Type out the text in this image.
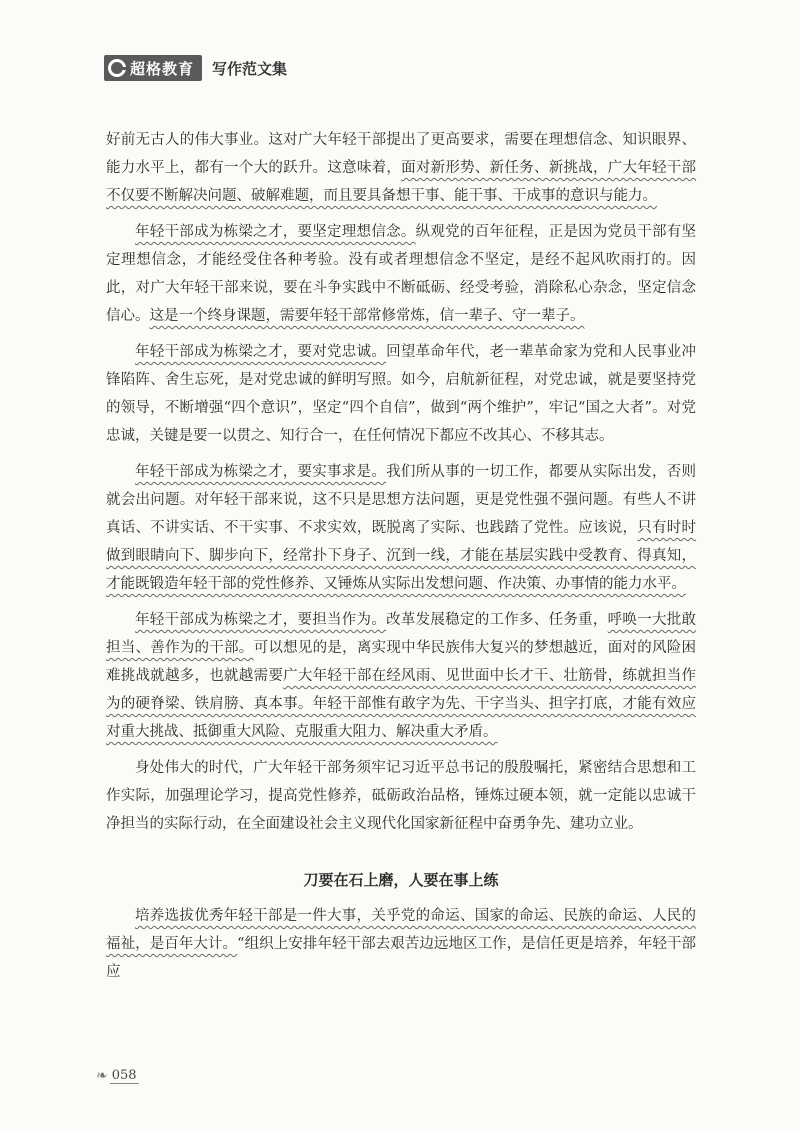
超格教育 写作范文集

好前无古人的伟大事业。这对广大年轻干部提出了更高要求，需要在理想信念、知识眼界、能力水平上，都有一个大的跃升。这意味着，面对新形势、新任务、新挑战，广大年轻干部不仅要不断解决问题、破解难题，而且要具备想干事、能干事、干成事的意识与能力。

年轻干部成为栋梁之才，要坚定理想信念。纵观党的百年征程，正是因为党员干部有坚定理想信念，才能经受住各种考验。没有或者理想信念不坚定，是经不起风吹雨打的。因此，对广大年轻干部来说，要在斗争实践中不断砥砺、经受考验，消除私心杂念，坚定信念信心。这是一个终身课题，需要年轻干部常修常炼，信一辈子、守一辈子。

年轻干部成为栋梁之才，要对党忠诚。回望革命年代，老一辈革命家为党和人民事业冲锋陷阵、舍生忘死，是对党忠诚的鲜明写照。如今，启航新征程，对党忠诚，就是要坚持党的领导，不断增强“四个意识”，坚定“四个自信”，做到“两个维护”，牢记“国之大者”。对党忠诚，关键是要一以贯之、知行合一，在任何情况下都应不改其心、不移其志。

年轻干部成为栋梁之才，要实事求是。我们所从事的一切工作，都要从实际出发，否则就会出问题。对年轻干部来说，这不只是思想方法问题，更是党性强不强问题。有些人不讲真话、不讲实话、不干实事、不求实效，既脱离了实际、也践踏了党性。应该说，只有时时做到眼睛向下、脚步向下，经常扑下身子、沉到一线，才能在基层实践中受教育、得真知，才能既锻造年轻干部的党性修养、又锤炼从实际出发想问题、作决策、办事情的能力水平。

年轻干部成为栋梁之才，要担当作为。改革发展稳定的工作多、任务重，呼唤一大批敢担当、善作为的干部。可以想见的是，离实现中华民族伟大复兴的梦想越近，面对的风险困难挑战就越多，也就越需要广大年轻干部在经风雨、见世面中长才干、壮筋骨，练就担当作为的硬脊梁、铁肩膀、真本事。年轻干部惟有敢字为先、干字当头、担字打底，才能有效应对重大挑战、抵御重大风险、克服重大阻力、解决重大矛盾。

身处伟大的时代，广大年轻干部务须牢记习近平总书记的殷殷嘱托，紧密结合思想和工作实际，加强理论学习，提高党性修养，砥砺政治品格，锤炼过硬本领，就一定能以忠诚干净担当的实际行动，在全面建设社会主义现代化国家新征程中奋勇争先、建功立业。

刀要在石上磨，人要在事上练

培养选拔优秀年轻干部是一件大事，关乎党的命运、国家的命运、民族的命运、人民的福祉，是百年大计。“组织上安排年轻干部去艰苦边远地区工作，是信任更是培养，年轻干部应

❧ 058
